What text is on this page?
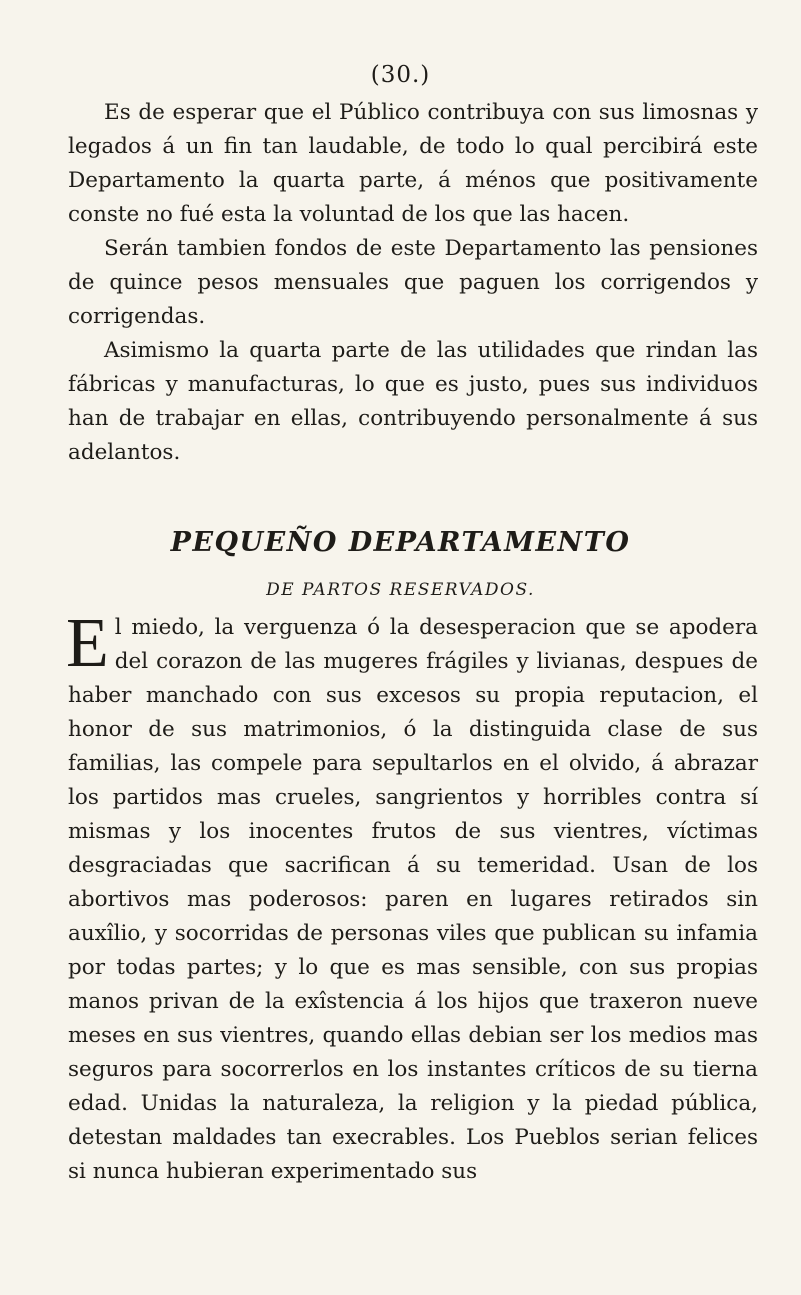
(30.)

Es de esperar que el Público contribuya con sus limosnas y legados á un fin tan laudable, de todo lo qual percibirá este Departamento la quarta parte, á ménos que positivamente conste no fué esta la voluntad de los que las hacen.

Serán tambien fondos de este Departamento las pensiones de quince pesos mensuales que paguen los corrigendos y corrigendas.

Asimismo la quarta parte de las utilidades que rindan las fábricas y manufacturas, lo que es justo, pues sus individuos han de trabajar en ellas, contribuyendo personalmente á sus adelantos.

PEQUEÑO DEPARTAMENTO
DE PARTOS RESERVADOS.

El miedo, la verguenza ó la desesperacion que se apodera del corazon de las mugeres frágiles y livianas, despues de haber manchado con sus excesos su propia reputacion, el honor de sus matrimonios, ó la distinguida clase de sus familias, las compele para sepultarlos en el olvido, á abrazar los partidos mas crueles, sangrientos y horribles contra sí mismas y los inocentes frutos de sus vientres, víctimas desgraciadas que sacrifican á su temeridad. Usan de los abortivos mas poderosos: paren en lugares retirados sin auxîlio, y socorridas de personas viles que publican su infamia por todas partes; y lo que es mas sensible, con sus propias manos privan de la exîstencia á los hijos que traxeron nueve meses en sus vientres, quando ellas debian ser los medios mas seguros para socorrerlos en los instantes críticos de su tierna edad. Unidas la naturaleza, la religion y la piedad pública, detestan maldades tan execrables. Los Pueblos serian felices si nunca hubieran experimentado sus
